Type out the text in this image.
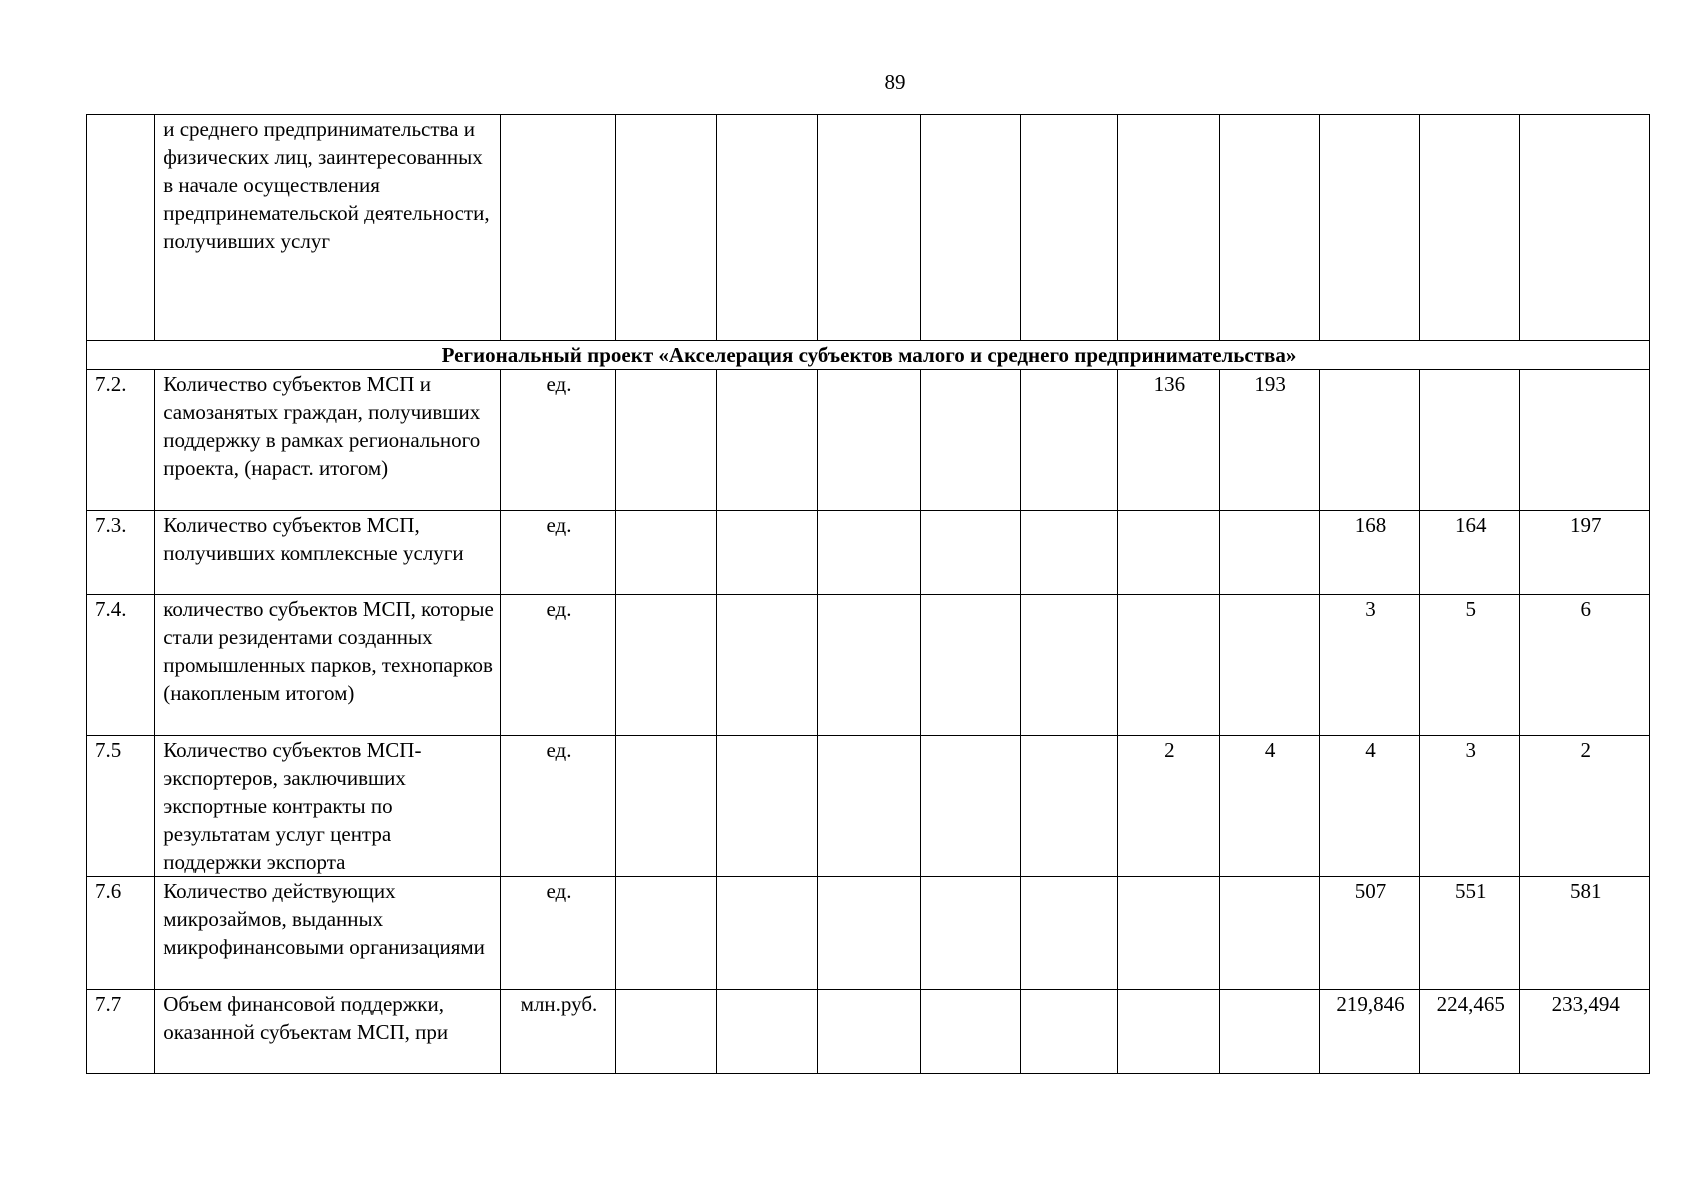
89
	и среднего предпринимательства и физических лиц, заинтересованных в начале осуществления предпринемательской деятельности, получивших услуг											
Региональный проект «Акселерация субъектов малого и среднего предпринимательства»												
7.2.	Количество субъектов МСП и самозанятых граждан, получивших поддержку в рамках регионального проекта, (нараст. итогом)	ед.						136	193			
7.3.	Количество субъектов МСП, получивших комплексные услуги	ед.								168	164	197
7.4.	количество субъектов МСП, которые стали резидентами созданных промышленных парков, технопарков (накопленым итогом)	ед.								3	5	6
7.5	Количество субъектов МСП-экспортеров, заключивших экспортные контракты по результатам услуг центра поддержки экспорта	ед.						2	4	4	3	2
7.6	Количество действующих микрозаймов, выданных микрофинансовыми организациями	ед.								507	551	581
7.7	Объем финансовой поддержки, оказанной субъектам МСП, при	млн.руб.								219,846	224,465	233,494
